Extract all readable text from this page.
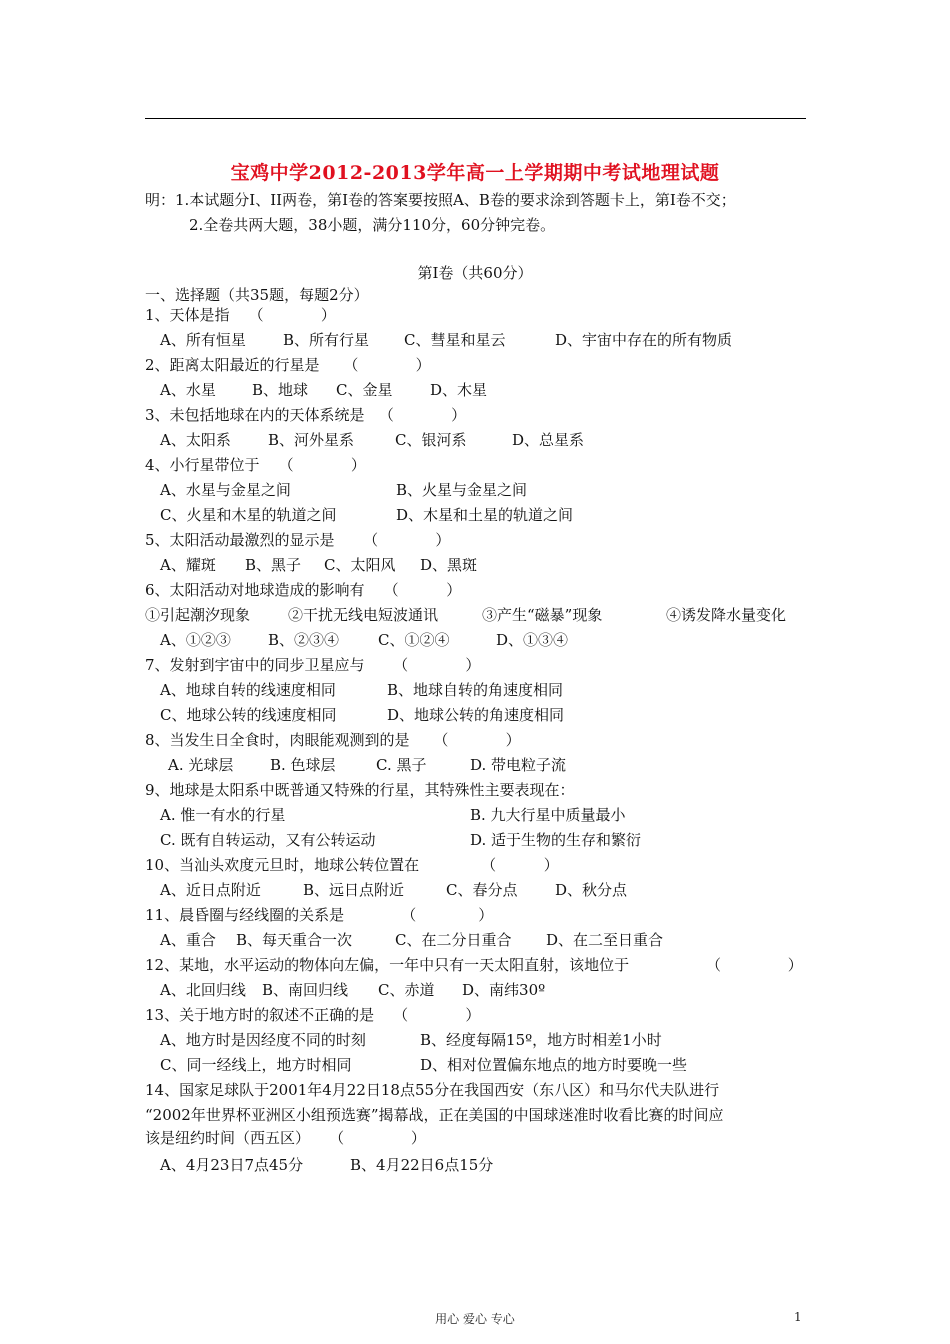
宝鸡中学2012-2013学年高一上学期期中考试地理试题
明：1.本试题分I、II两卷，第I卷的答案要按照A、B卷的要求涂到答题卡上，第I卷不交；
2.全卷共两大题，38小题，满分110分，60分钟完卷。
第I卷（共60分）
一、选择题（共35题，每题2分）
1、天体是指    （            ）
A、所有恒星 B、所有行星 C、彗星和星云	D、宇宙中存在的所有物质
2、距离太阳最近的行星是     （            ）
A、水星 B、地球 C、金星	D、木星
3、未包括地球在内的天体系统是   （            ）
A、太阳系 B、河外星系	C、银河系	D、总星系
4、小行星带位于    （            ）
A、水星与金星之间	B、火星与金星之间
C、火星和木星的轨道之间	D、木星和土星的轨道之间
5、太阳活动最激烈的显示是      （            ）
A、耀斑 B、黑子 C、太阳风 D、黑斑
6、太阳活动对地球造成的影响有    （          ）
①引起潮汐现象	②干扰无线电短波通讯	③产生“磁暴”现象	④诱发降水量变化
A、①②③ B、②③④	C、①②④	D、①③④
7、发射到宇宙中的同步卫星应与      （            ）
A、地球自转的线速度相同	B、地球自转的角速度相同
C、地球公转的线速度相同	D、地球公转的角速度相同
8、当发生日全食时，肉眼能观测到的是     （            ）
A. 光球层 B. 色球层	C. 黑子	D. 带电粒子流
9、地球是太阳系中既普通又特殊的行星，其特殊性主要表现在：
A. 惟一有水的行星	B. 九大行星中质量最小
C. 既有自转运动，又有公转运动	D. 适于生物的生存和繁衍
10、当汕头欢度元旦时，地球公转位置在             （          ）
A、近日点附近	B、远日点附近	C、春分点	D、秋分点
11、晨昏圈与经线圈的关系是            （             ）
A、重合 B、每天重合一次	C、在二分日重合 D、在二至日重合
12、某地，水平运动的物体向左偏，一年中只有一天太阳直射，该地位于	（              ）
A、北回归线 B、南回归线 C、赤道 D、南纬30º
13、关于地方时的叙述不正确的是    （            ）
A、地方时是因经度不同的时刻	B、经度每隔15º，地方时相差1小时
C、同一经线上，地方时相同	D、相对位置偏东地点的地方时要晚一些
14、国家足球队于2001年4月22日18点55分在我国西安（东八区）和马尔代夫队进行
“2002年世界杯亚洲区小组预选赛”揭幕战，正在美国的中国球迷准时收看比赛的时间应
该是纽约时间（西五区）    （              ）
A、4月23日7点45分	B、4月22日6点15分
用心 爱心 专心	1
